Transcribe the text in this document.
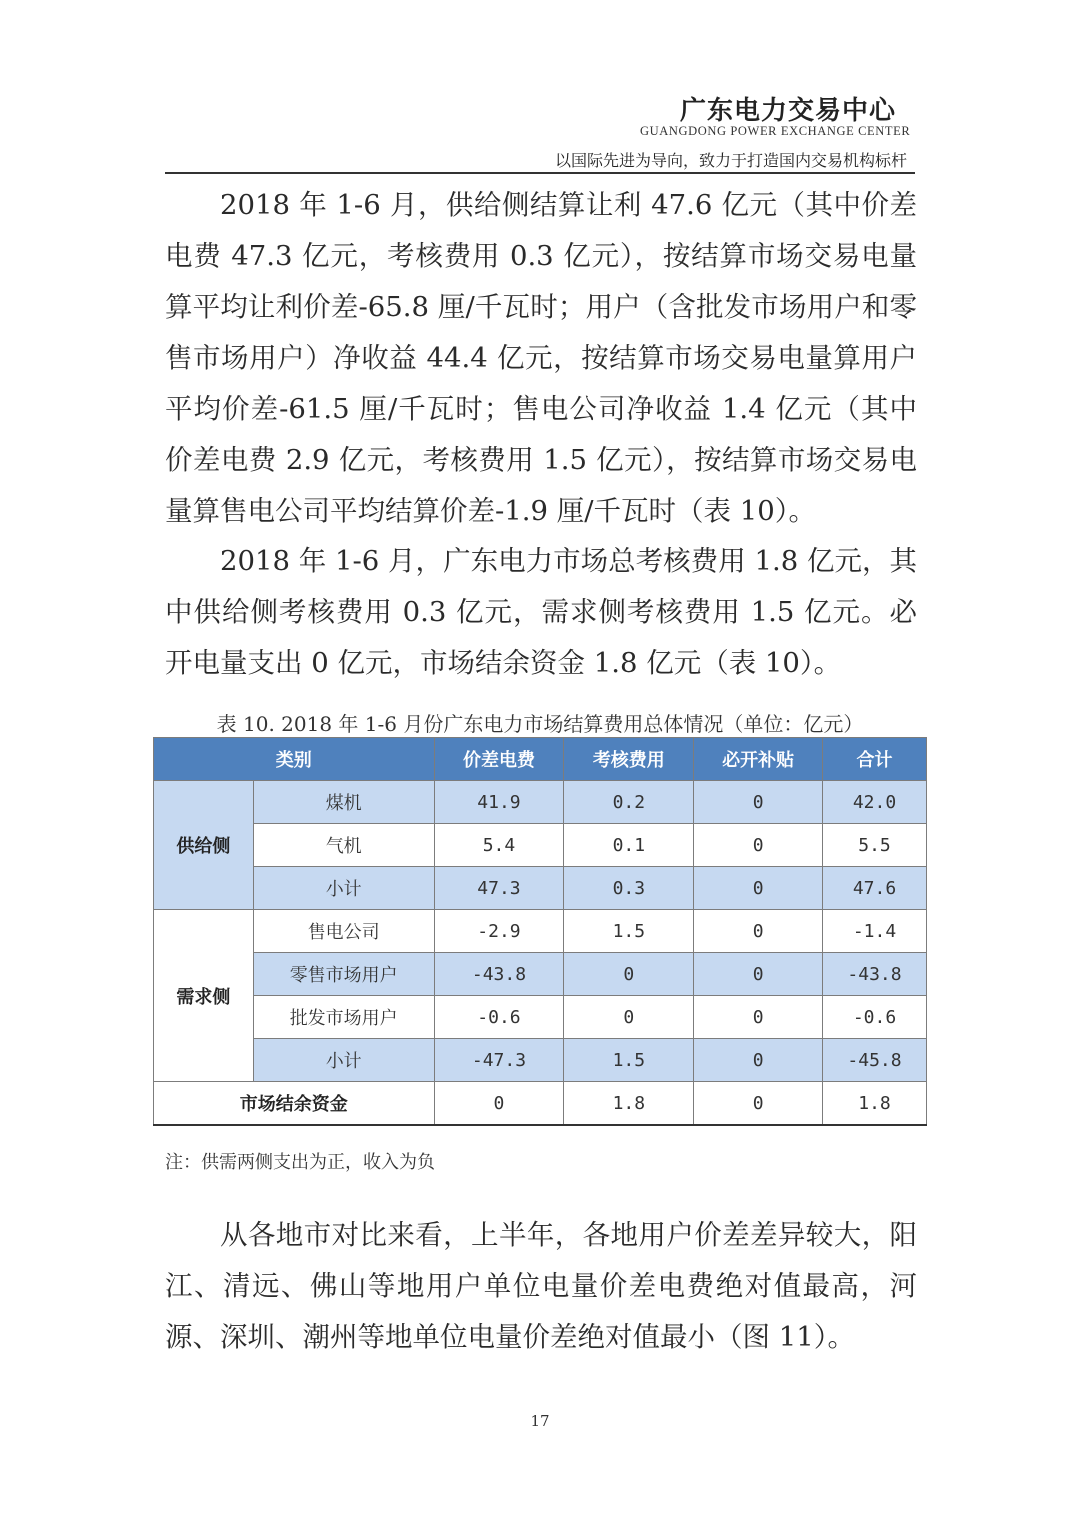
广东电力交易中心
GUANGDONG POWER EXCHANGE CENTER
以国际先进为导向，致力于打造国内交易机构标杆

2018 年 1-6 月，供给侧结算让利 47.6 亿元（其中价差电费 47.3 亿元，考核费用 0.3 亿元），按结算市场交易电量算平均让利价差-65.8 厘/千瓦时；用户（含批发市场用户和零售市场用户）净收益 44.4 亿元，按结算市场交易电量算用户平均价差-61.5 厘/千瓦时；售电公司净收益 1.4 亿元（其中价差电费 2.9 亿元，考核费用 1.5 亿元），按结算市场交易电量算售电公司平均结算价差-1.9 厘/千瓦时（表 10）。

2018 年 1-6 月，广东电力市场总考核费用 1.8 亿元，其中供给侧考核费用 0.3 亿元，需求侧考核费用 1.5 亿元。必开电量支出 0 亿元，市场结余资金 1.8 亿元（表 10）。

表 10. 2018 年 1-6 月份广东电力市场结算费用总体情况（单位：亿元）
类别		价差电费	考核费用	必开补贴	合计
供给侧	煤机	41.9	0.2	0	42.0
	气机	5.4	0.1	0	5.5
	小计	47.3	0.3	0	47.6
需求侧	售电公司	-2.9	1.5	0	-1.4
	零售市场用户	-43.8	0	0	-43.8
	批发市场用户	-0.6	0	0	-0.6
	小计	-47.3	1.5	0	-45.8
市场结余资金		0	1.8	0	1.8
注：供需两侧支出为正，收入为负

从各地市对比来看，上半年，各地用户价差差异较大，阳江、清远、佛山等地用户单位电量价差电费绝对值最高，河源、深圳、潮州等地单位电量价差绝对值最小（图 11）。

17
